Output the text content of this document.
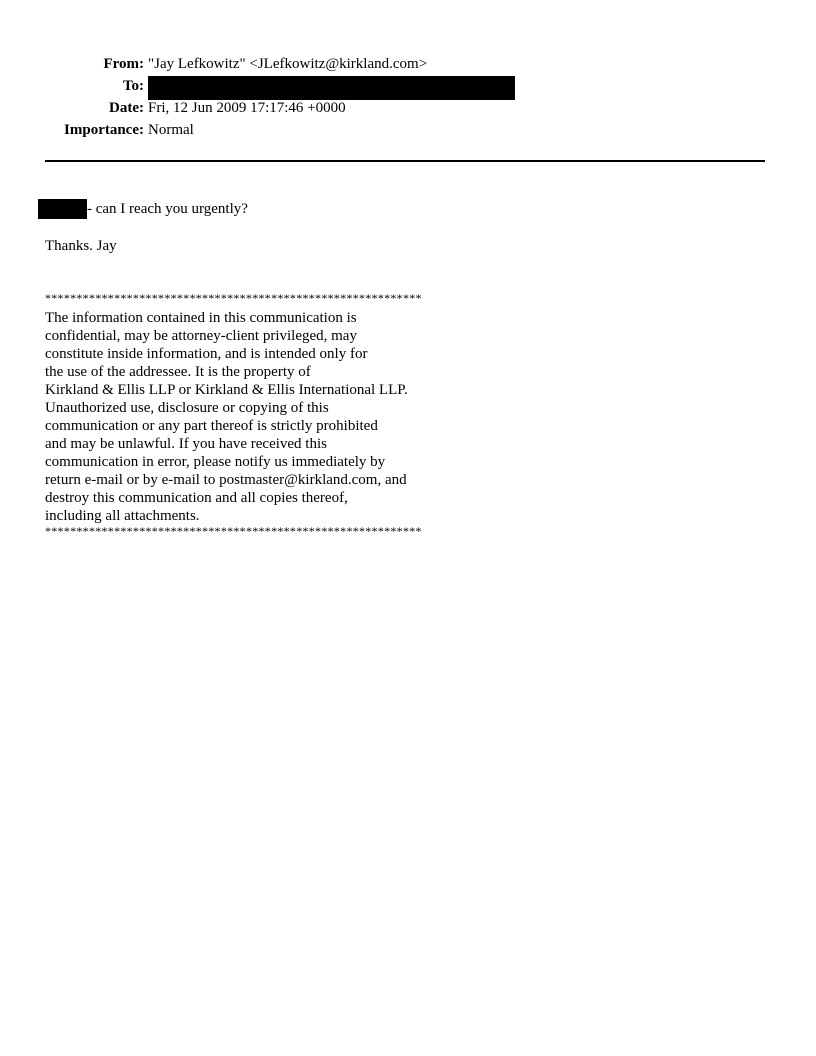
From: "Jay Lefkowitz" <JLefkowitz@kirkland.com>
To:
Date: Fri, 12 Jun 2009 17:17:46 +0000
Importance: Normal
- can I reach you urgently?
Thanks. Jay
************************************************************
The information contained in this communication is
confidential, may be attorney-client privileged, may
constitute inside information, and is intended only for
the use of the addressee. It is the property of
Kirkland & Ellis LLP or Kirkland & Ellis International LLP.
Unauthorized use, disclosure or copying of this
communication or any part thereof is strictly prohibited
and may be unlawful. If you have received this
communication in error, please notify us immediately by
return e-mail or by e-mail to postmaster@kirkland.com, and
destroy this communication and all copies thereof,
including all attachments.
************************************************************
